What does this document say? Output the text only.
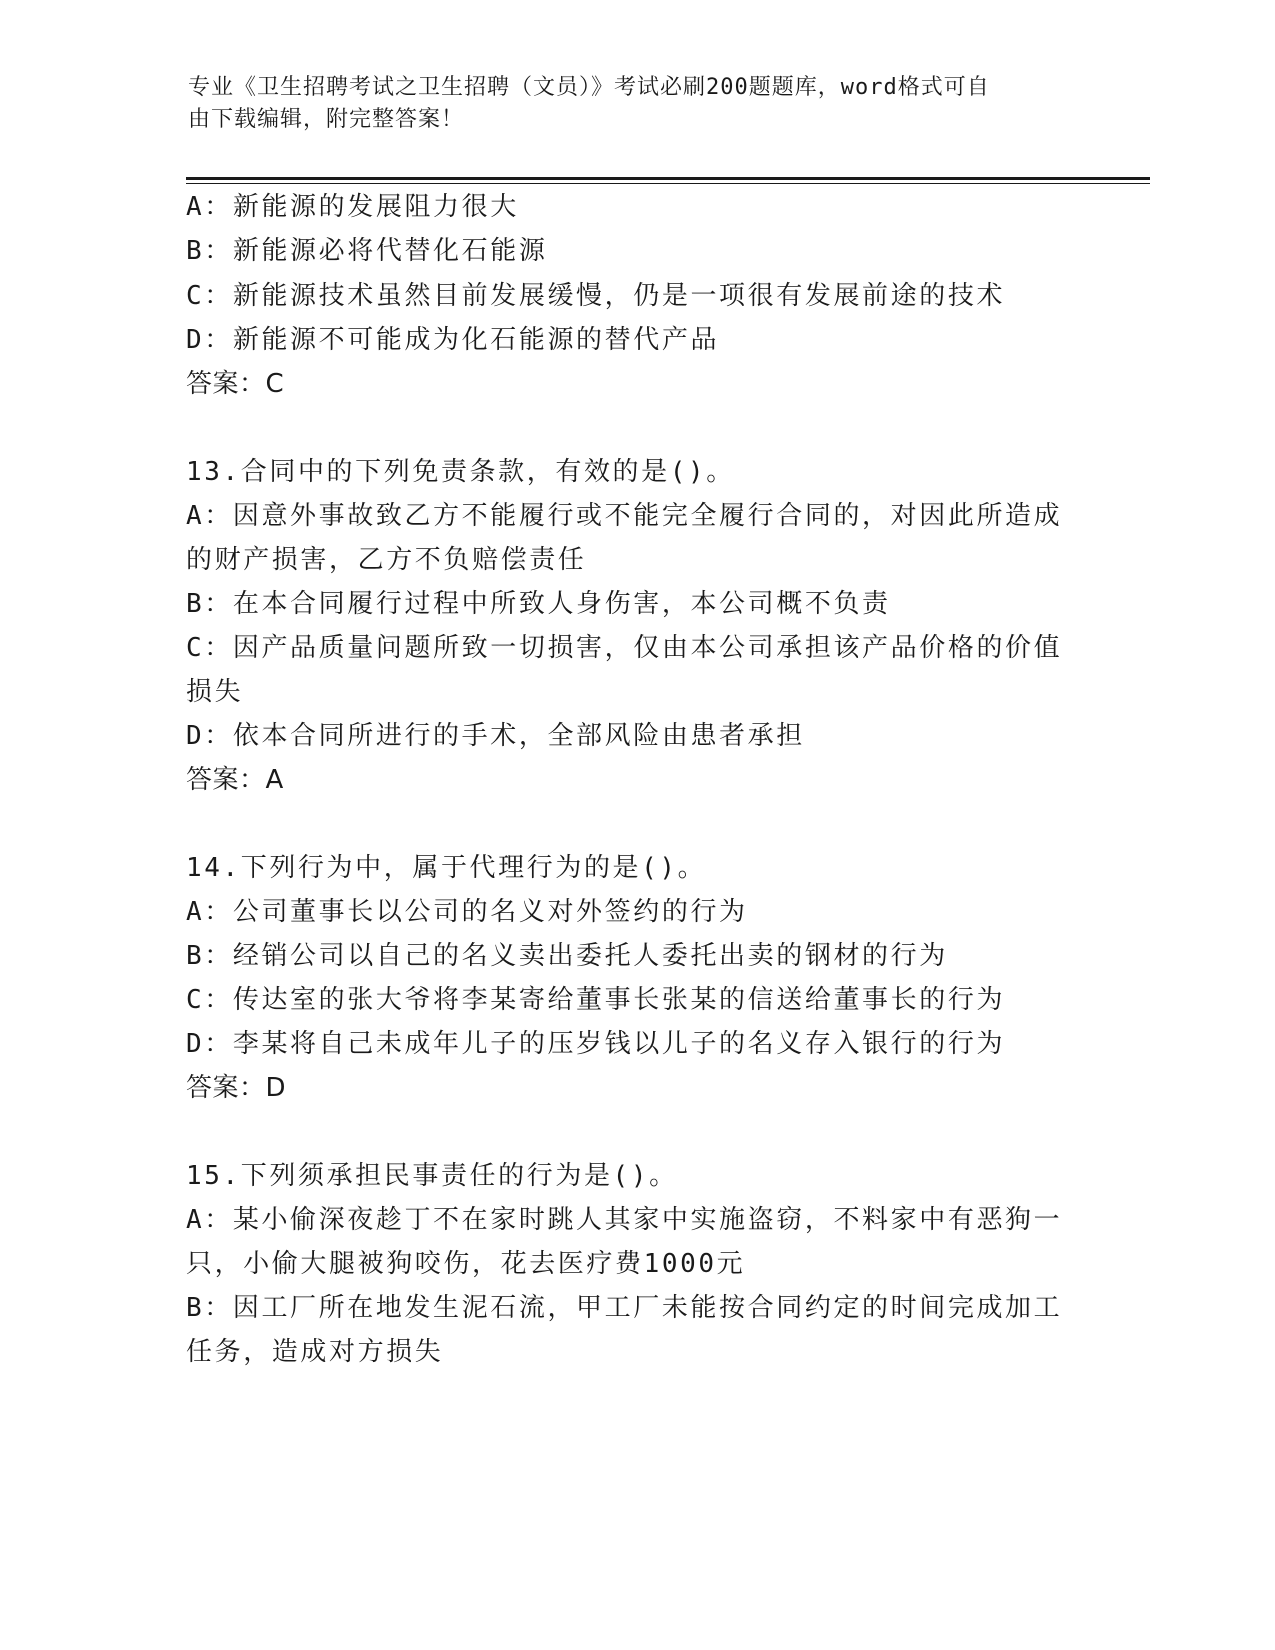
专业《卫生招聘考试之卫生招聘（文员）》考试必刷200题题库，word格式可自
由下载编辑，附完整答案！
A：新能源的发展阻力很大
B：新能源必将代替化石能源
C：新能源技术虽然目前发展缓慢，仍是一项很有发展前途的技术
D：新能源不可能成为化石能源的替代产品
答案：C
13.合同中的下列免责条款，有效的是()。
A：因意外事故致乙方不能履行或不能完全履行合同的，对因此所造成
的财产损害，乙方不负赔偿责任
B：在本合同履行过程中所致人身伤害，本公司概不负责
C：因产品质量问题所致一切损害，仅由本公司承担该产品价格的价值
损失
D：依本合同所进行的手术，全部风险由患者承担
答案：A
14.下列行为中，属于代理行为的是()。
A：公司董事长以公司的名义对外签约的行为
B：经销公司以自己的名义卖出委托人委托出卖的钢材的行为
C：传达室的张大爷将李某寄给董事长张某的信送给董事长的行为
D：李某将自己未成年儿子的压岁钱以儿子的名义存入银行的行为
答案：D
15.下列须承担民事责任的行为是()。
A：某小偷深夜趁丁不在家时跳人其家中实施盗窃，不料家中有恶狗一
只，小偷大腿被狗咬伤，花去医疗费1000元
B：因工厂所在地发生泥石流，甲工厂未能按合同约定的时间完成加工
任务，造成对方损失
